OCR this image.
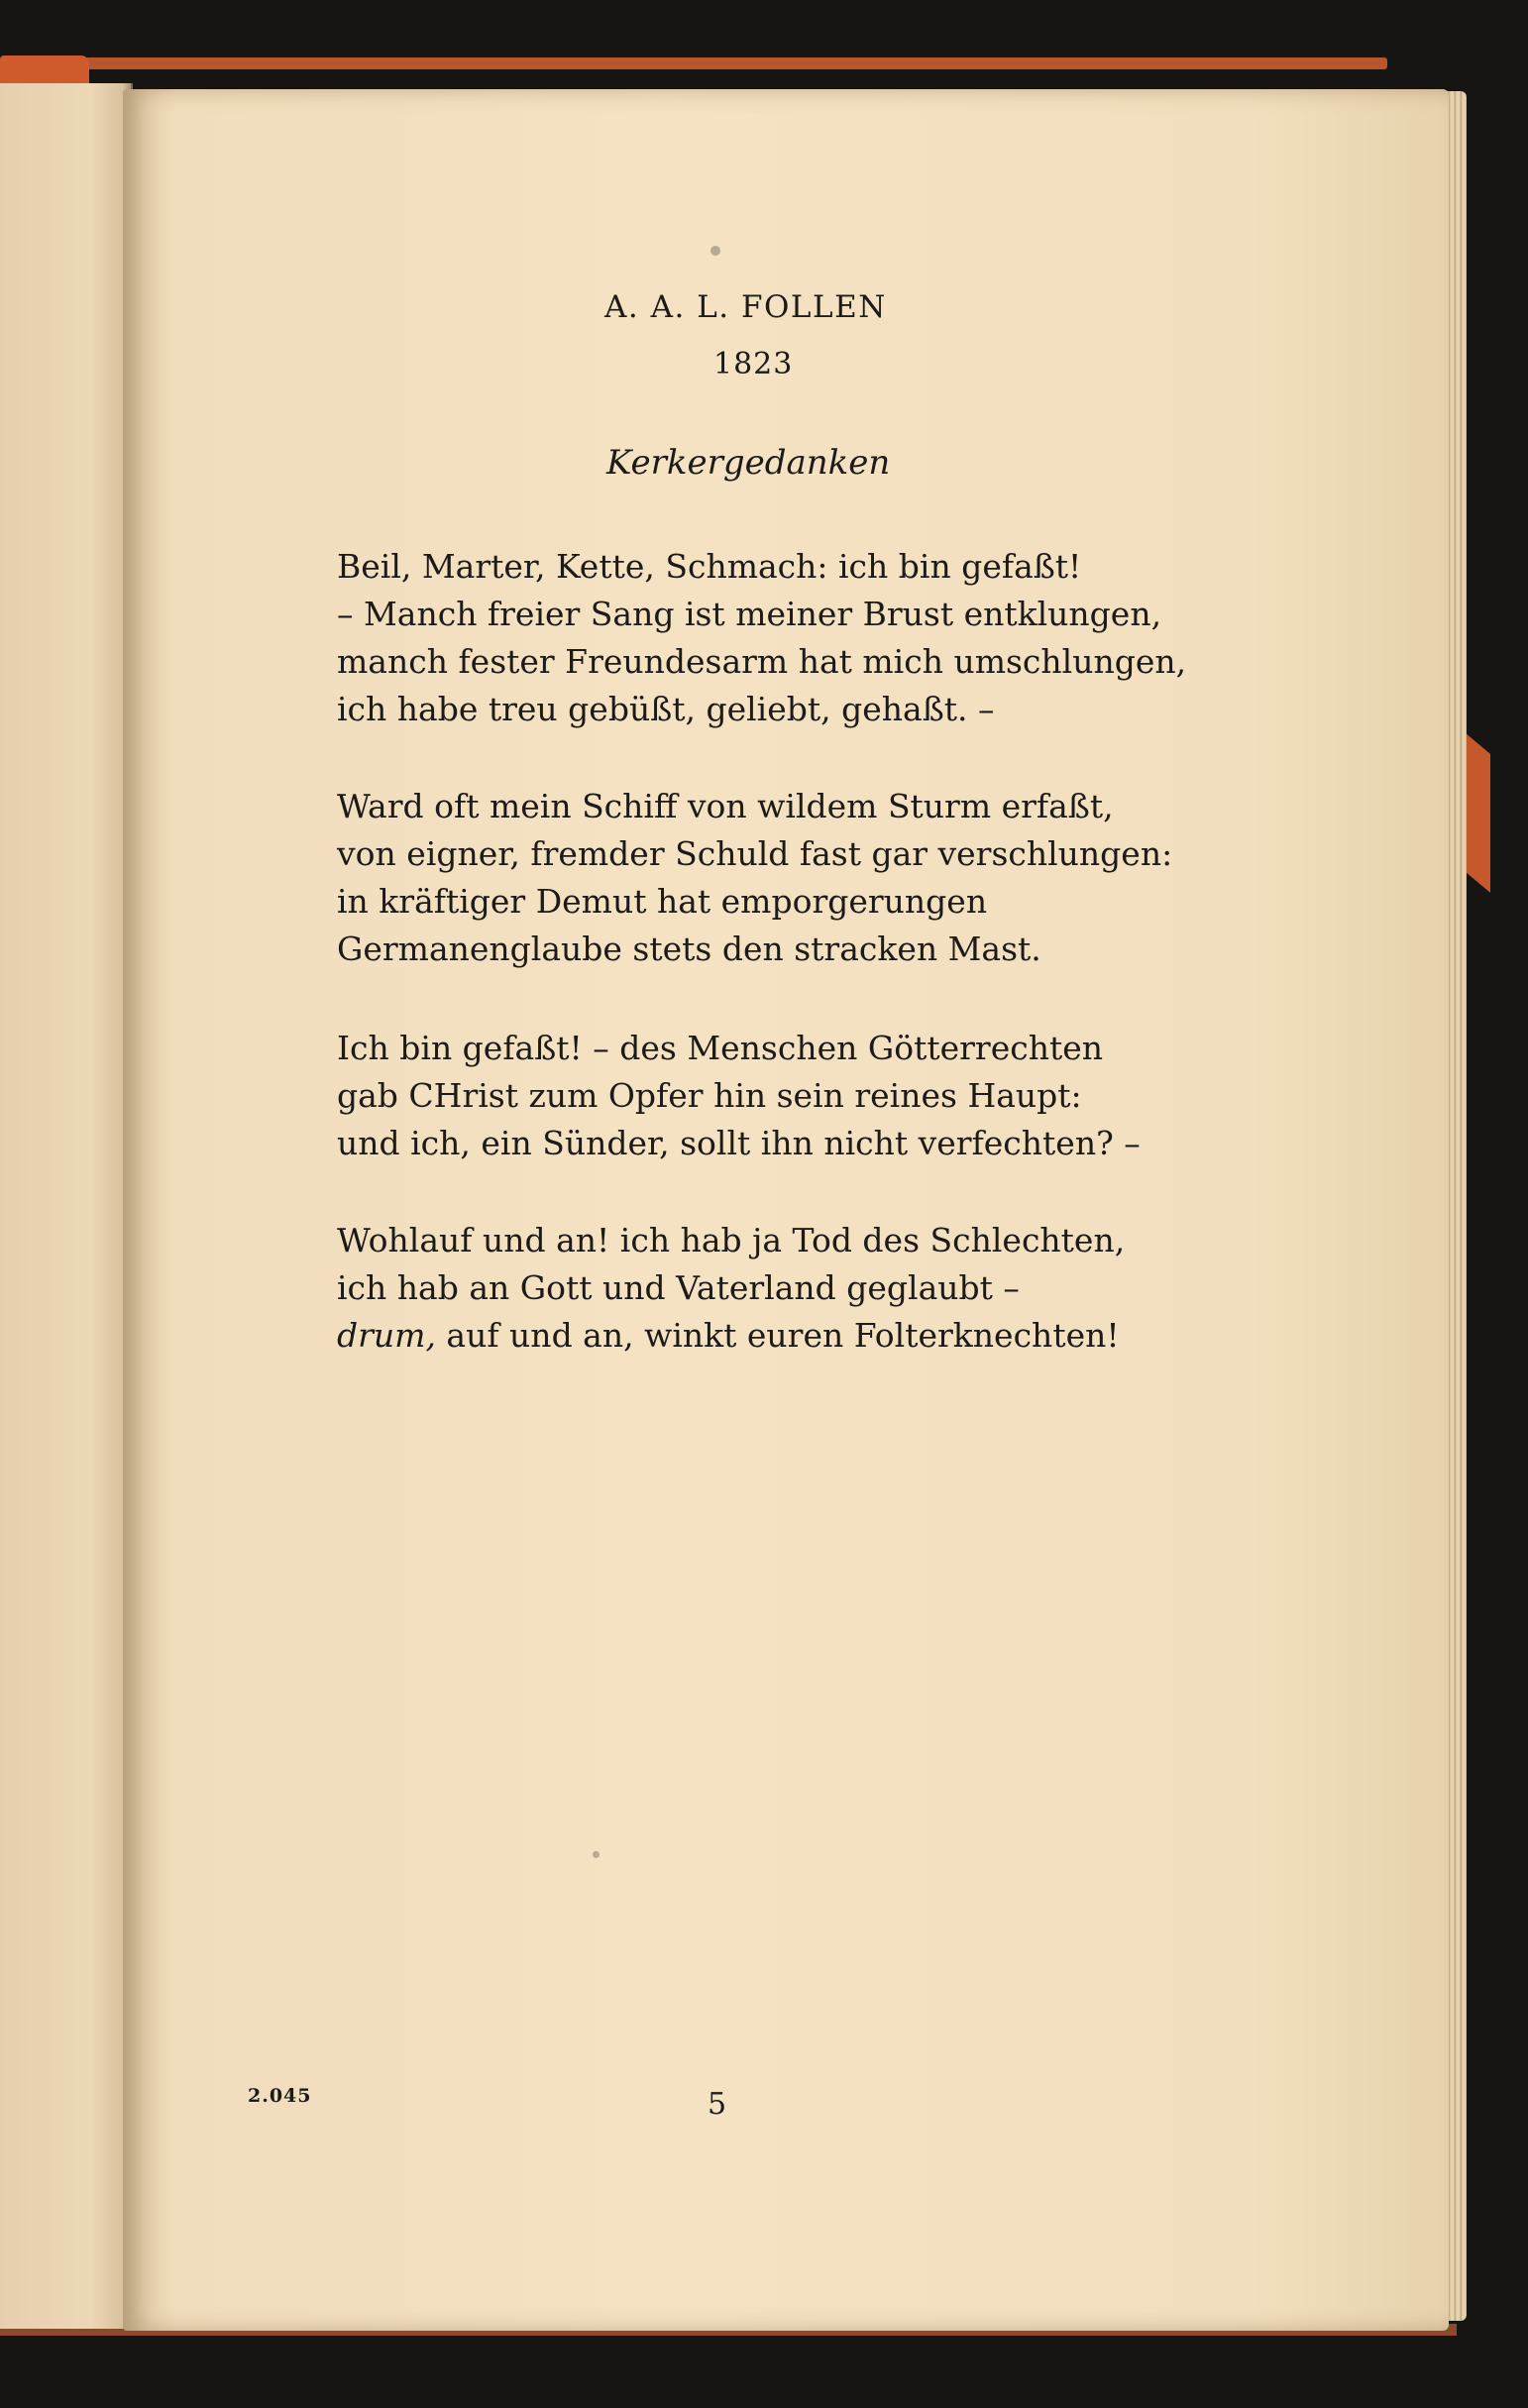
A. A. L. FOLLEN
1823
Kerkergedanken
Beil, Marter, Kette, Schmach: ich bin gefaßt!
– Manch freier Sang ist meiner Brust entklungen,
manch fester Freundesarm hat mich umschlungen,
ich habe treu gebüßt, geliebt, gehaßt. –
Ward oft mein Schiff von wildem Sturm erfaßt,
von eigner, fremder Schuld fast gar verschlungen:
in kräftiger Demut hat emporgerungen
Germanenglaube stets den stracken Mast.
Ich bin gefaßt! – des Menschen Götterrechten
gab CHrist zum Opfer hin sein reines Haupt:
und ich, ein Sünder, sollt ihn nicht verfechten? –
Wohlauf und an! ich hab ja Tod des Schlechten,
ich hab an Gott und Vaterland geglaubt –
drum, auf und an, winkt euren Folterknechten!
2.045	5
